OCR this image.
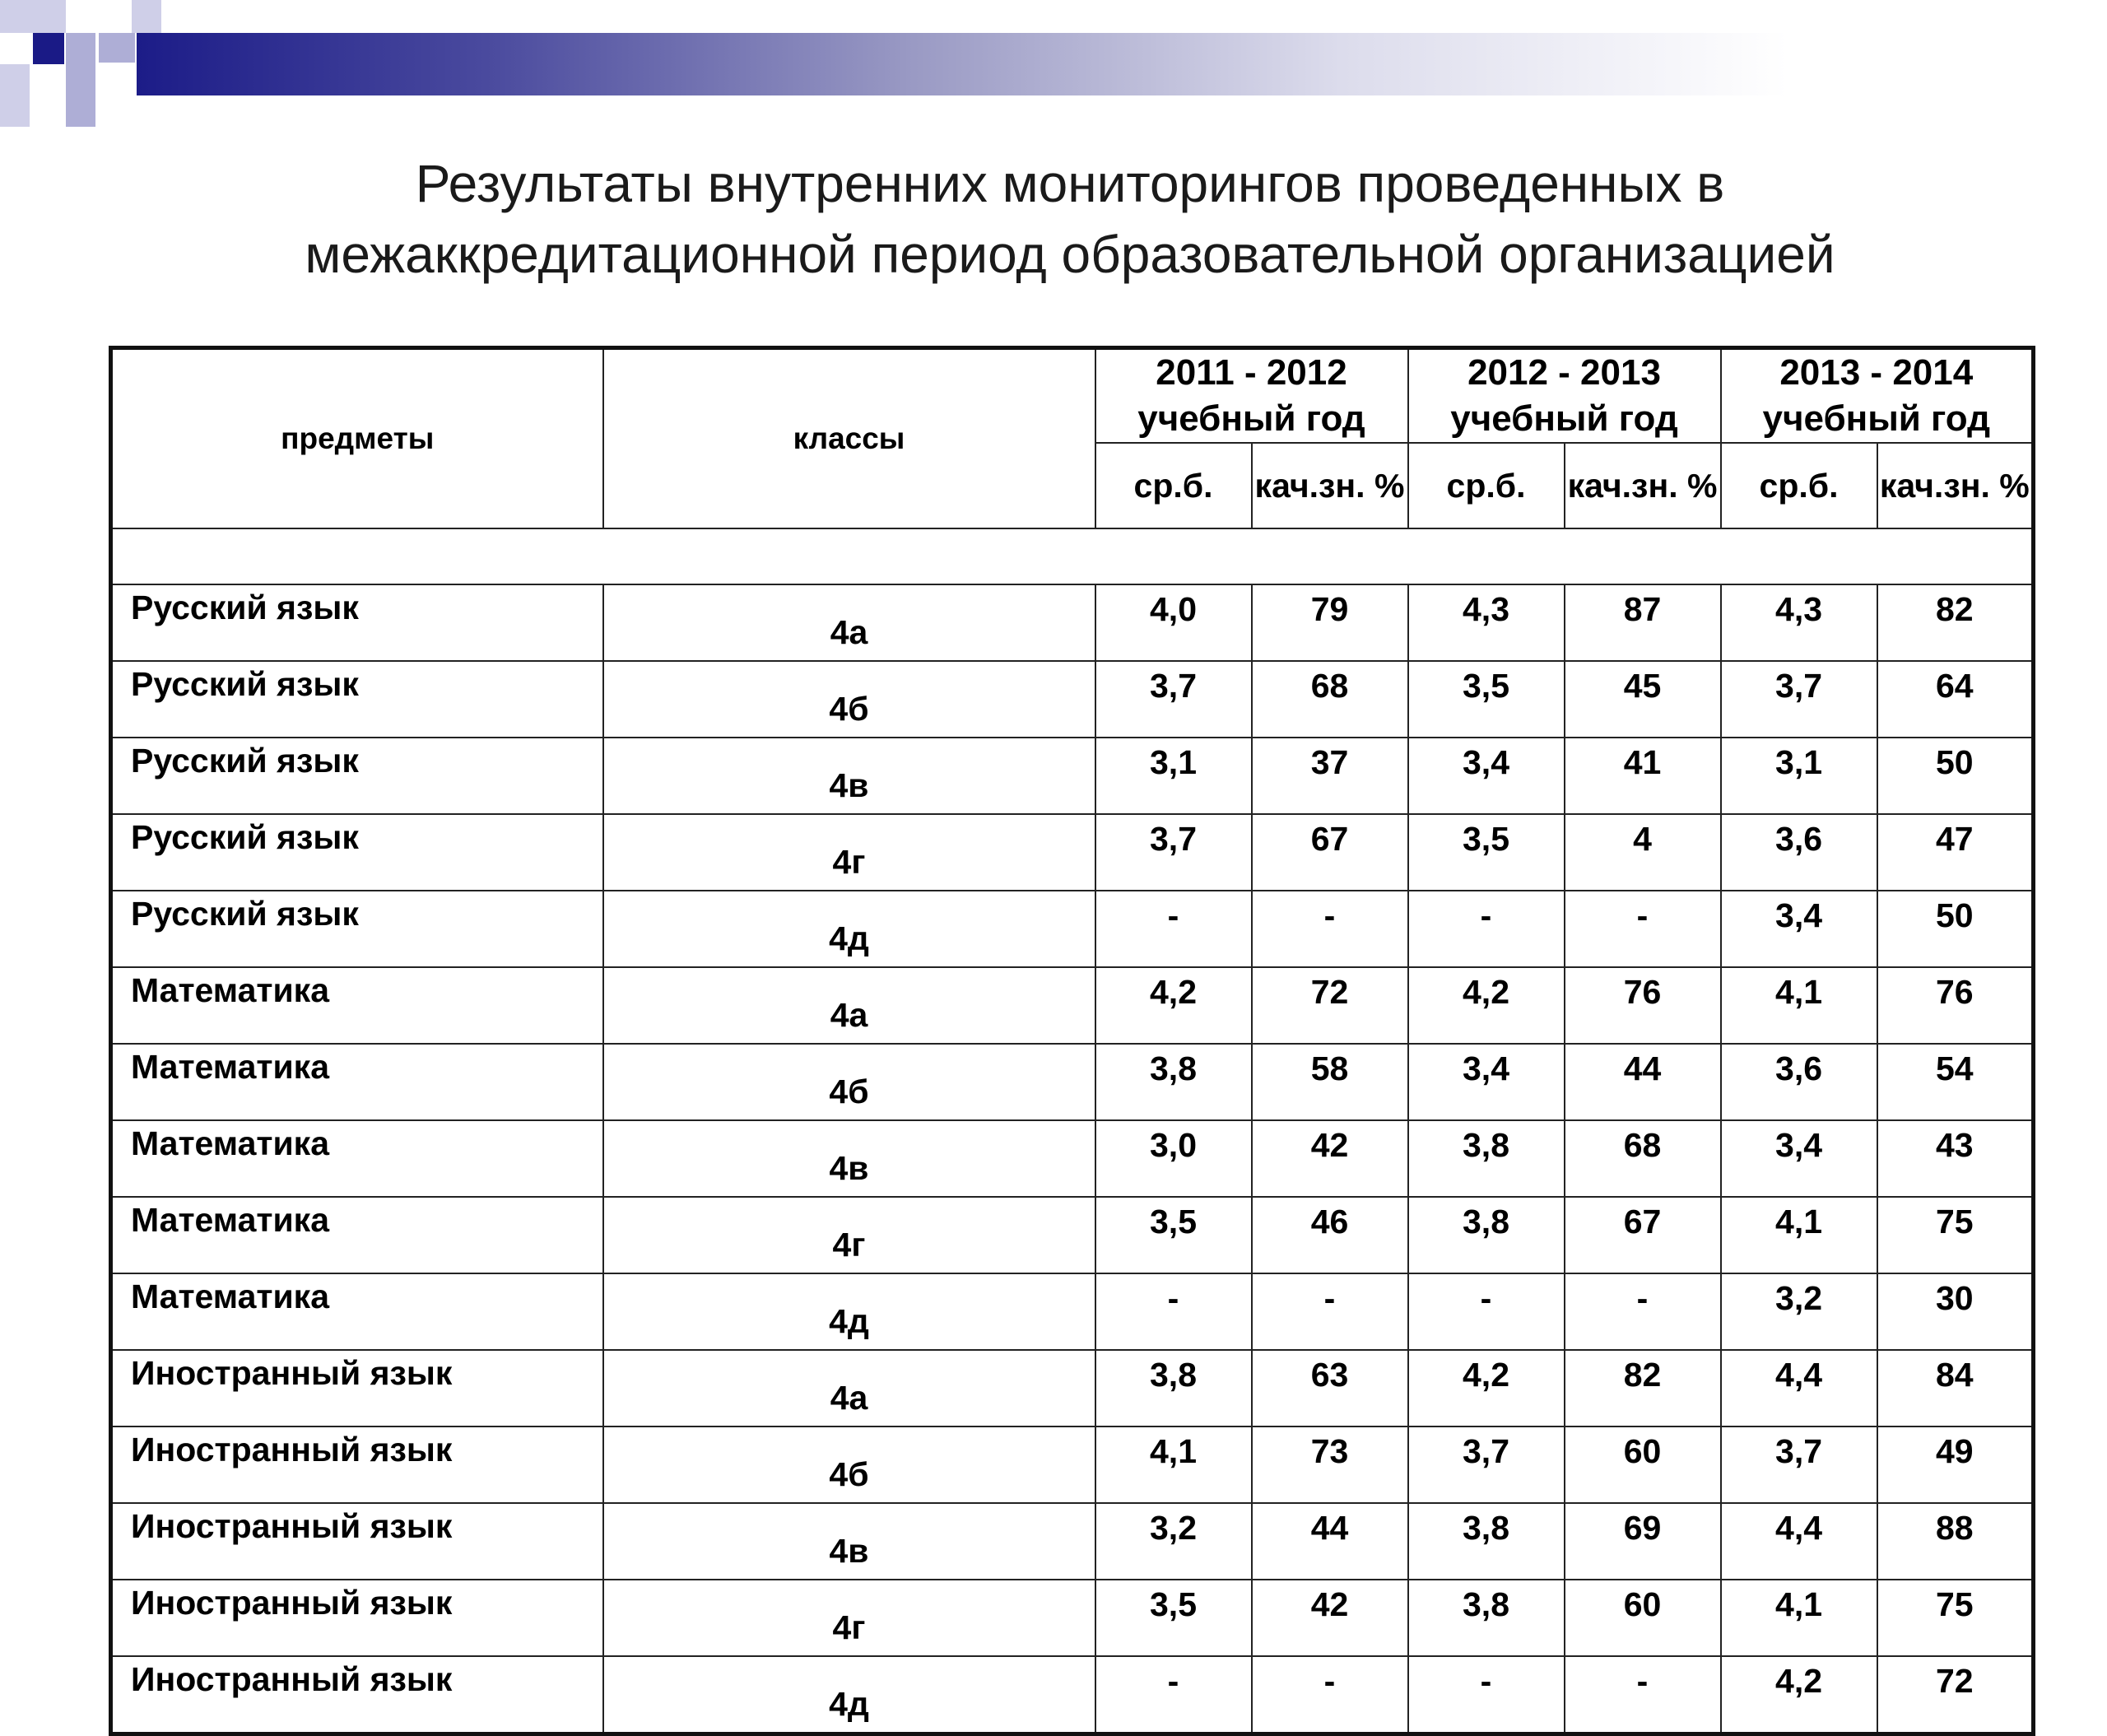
Результаты внутренних мониторингов проведенных в
межаккредитационной период образовательной организацией
предметы	классы	2011 - 2012 учебный год		2012 - 2013 учебный год		2013 - 2014 учебный год	
		ср.б.	кач.зн. %	ср.б.	кач.зн. %	ср.б.	кач.зн. %

Русский язык	4а	4,0	79	4,3	87	4,3	82
Русский язык	4б	3,7	68	3,5	45	3,7	64
Русский язык	4в	3,1	37	3,4	41	3,1	50
Русский язык	4г	3,7	67	3,5	4	3,6	47
Русский язык	4д	-	-	-	-	3,4	50
Математика	4а	4,2	72	4,2	76	4,1	76
Математика	4б	3,8	58	3,4	44	3,6	54
Математика	4в	3,0	42	3,8	68	3,4	43
Математика	4г	3,5	46	3,8	67	4,1	75
Математика	4д	-	-	-	-	3,2	30
Иностранный язык	4а	3,8	63	4,2	82	4,4	84
Иностранный язык	4б	4,1	73	3,7	60	3,7	49
Иностранный язык	4в	3,2	44	3,8	69	4,4	88
Иностранный язык	4г	3,5	42	3,8	60	4,1	75
Иностранный язык	4д	-	-	-	-	4,2	72
